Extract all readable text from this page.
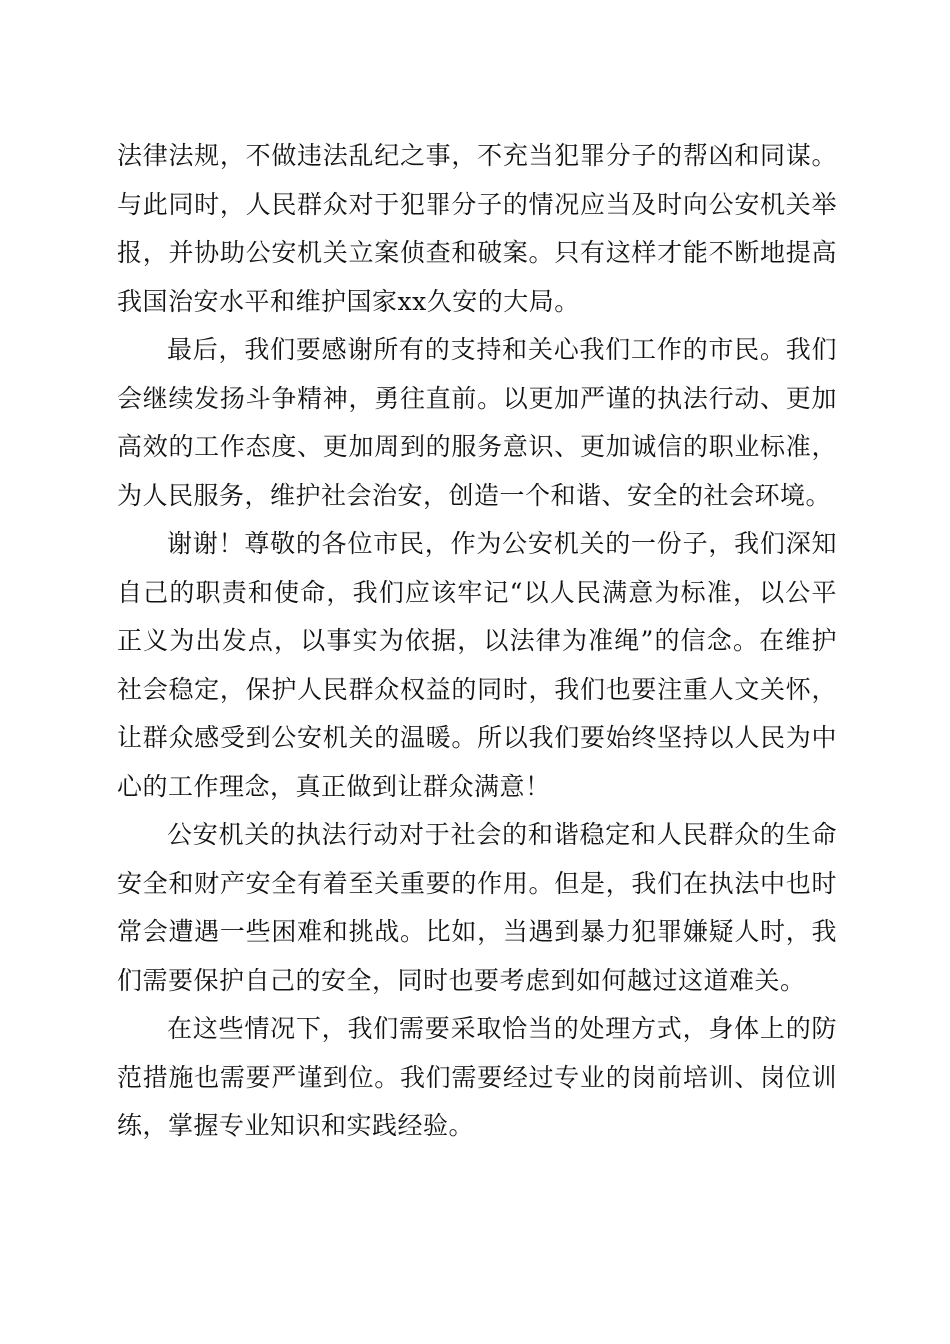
法律法规，不做违法乱纪之事，不充当犯罪分子的帮凶和同谋。与此同时，人民群众对于犯罪分子的情况应当及时向公安机关举报，并协助公安机关立案侦查和破案。只有这样才能不断地提高我国治安水平和维护国家xx久安的大局。

最后，我们要感谢所有的支持和关心我们工作的市民。我们会继续发扬斗争精神，勇往直前。以更加严谨的执法行动、更加高效的工作态度、更加周到的服务意识、更加诚信的职业标准，为人民服务，维护社会治安，创造一个和谐、安全的社会环境。

谢谢！尊敬的各位市民，作为公安机关的一份子，我们深知自己的职责和使命，我们应该牢记“以人民满意为标准，以公平正义为出发点，以事实为依据，以法律为准绳”的信念。在维护社会稳定，保护人民群众权益的同时，我们也要注重人文关怀，让群众感受到公安机关的温暖。所以我们要始终坚持以人民为中心的工作理念，真正做到让群众满意！

公安机关的执法行动对于社会的和谐稳定和人民群众的生命安全和财产安全有着至关重要的作用。但是，我们在执法中也时常会遭遇一些困难和挑战。比如，当遇到暴力犯罪嫌疑人时，我们需要保护自己的安全，同时也要考虑到如何越过这道难关。

在这些情况下，我们需要采取恰当的处理方式，身体上的防范措施也需要严谨到位。我们需要经过专业的岗前培训、岗位训练，掌握专业知识和实践经验。
